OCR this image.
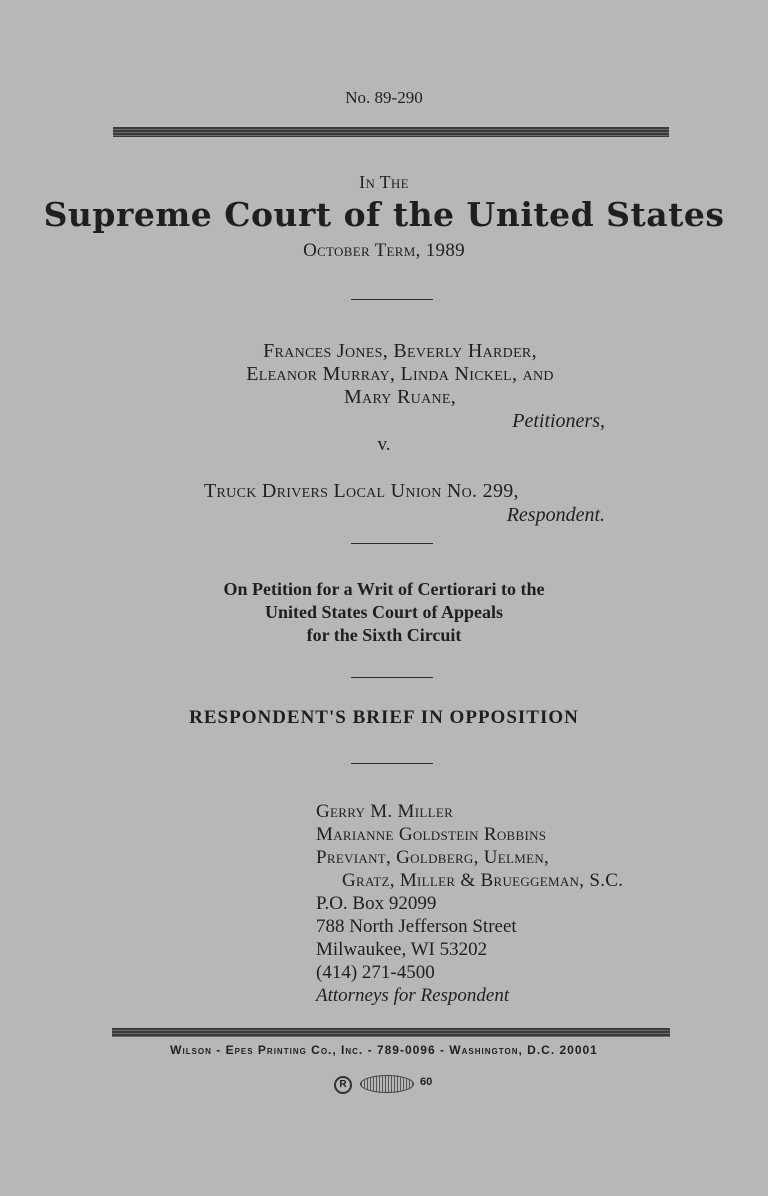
No. 89-290
In The
Supreme Court of the United States
October Term, 1989
Frances Jones, Beverly Harder,
Eleanor Murray, Linda Nickel, and
Mary Ruane,
Petitioners,
v.
Truck Drivers Local Union No. 299,
Respondent.
On Petition for a Writ of Certiorari to the
United States Court of Appeals
for the Sixth Circuit
RESPONDENT'S BRIEF IN OPPOSITION
Gerry M. Miller
Marianne Goldstein Robbins
Previant, Goldberg, Uelmen,
Gratz, Miller & Brueggeman, S.C.
P.O. Box 92099
788 North Jefferson Street
Milwaukee, WI 53202
(414) 271-4500
Attorneys for Respondent
Wilson - Epes Printing Co., Inc. - 789-0096 - Washington, D.C. 20001
R	60
